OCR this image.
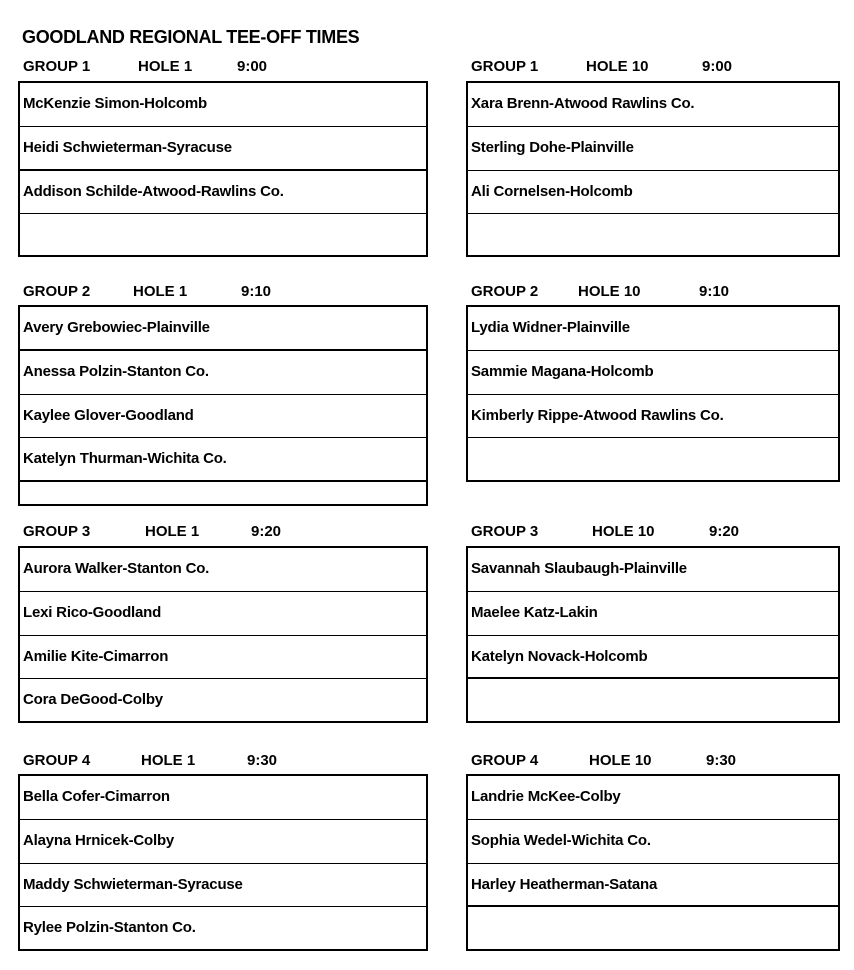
GOODLAND REGIONAL TEE-OFF TIMES
GROUP 1	HOLE 1	9:00
McKenzie Simon-Holcomb
Heidi Schwieterman-Syracuse
Addison Schilde-Atwood-Rawlins Co.
GROUP 1	HOLE 10	9:00
Xara Brenn-Atwood Rawlins Co.
Sterling Dohe-Plainville
Ali Cornelsen-Holcomb
GROUP 2	HOLE 1	9:10
Avery Grebowiec-Plainville
Anessa Polzin-Stanton Co.
Kaylee Glover-Goodland
Katelyn Thurman-Wichita Co.
GROUP 2	HOLE 10	9:10
Lydia Widner-Plainville
Sammie Magana-Holcomb
Kimberly Rippe-Atwood Rawlins Co.
GROUP 3	HOLE 1	9:20
Aurora Walker-Stanton Co.
Lexi Rico-Goodland
Amilie Kite-Cimarron
Cora DeGood-Colby
GROUP 3	HOLE 10	9:20
Savannah Slaubaugh-Plainville
Maelee Katz-Lakin
Katelyn Novack-Holcomb
GROUP 4	HOLE 1	9:30
Bella Cofer-Cimarron
Alayna Hrnicek-Colby
Maddy Schwieterman-Syracuse
Rylee Polzin-Stanton Co.
GROUP 4	HOLE 10	9:30
Landrie McKee-Colby
Sophia Wedel-Wichita Co.
Harley Heatherman-Satana
